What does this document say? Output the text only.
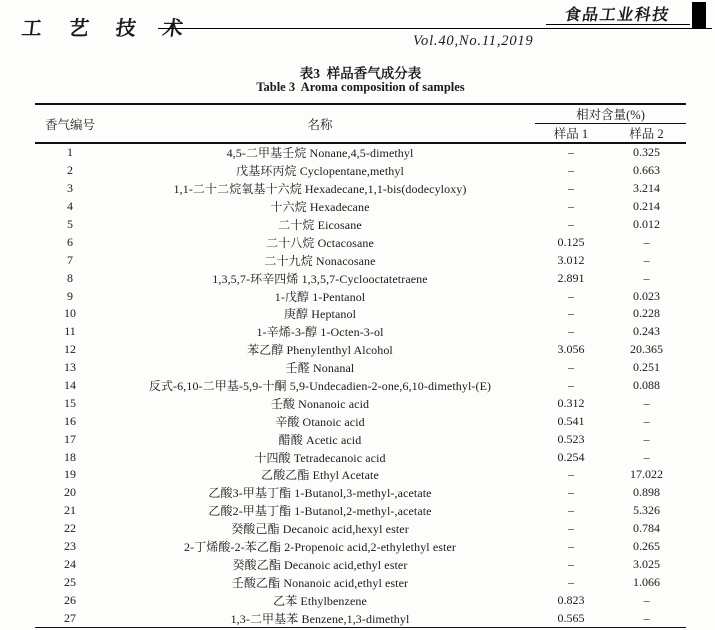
工 艺 技 术
食品工业科技
Vol.40,No.11,2019
表3  样品香气成分表
Table 3  Aroma composition of samples
香气编号	名称	相对含量(%)	
		样品 1	样品 2
1	4,5-二甲基壬烷 Nonane,4,5-dimethyl	–	0.325
2	戊基环丙烷 Cyclopentane,methyl	–	0.663
3	1,1-二十二烷氧基十六烷 Hexadecane,1,1-bis(dodecyloxy)	–	3.214
4	十六烷 Hexadecane	–	0.214
5	二十烷 Eicosane	–	0.012
6	二十八烷 Octacosane	0.125	–
7	二十九烷 Nonacosane	3.012	–
8	1,3,5,7-环辛四烯 1,3,5,7-Cyclooctatetraene	2.891	–
9	1-戊醇 1-Pentanol	–	0.023
10	庚醇 Heptanol	–	0.228
11	1-辛烯-3-醇 1-Octen-3-ol	–	0.243
12	苯乙醇 Phenylenthyl Alcohol	3.056	20.365
13	壬醛 Nonanal	–	0.251
14	反式-6,10-二甲基-5,9-十酮 5,9-Undecadien-2-one,6,10-dimethyl-(E)	–	0.088
15	壬酸 Nonanoic acid	0.312	–
16	辛酸 Otanoic acid	0.541	–
17	醋酸 Acetic acid	0.523	–
18	十四酸 Tetradecanoic acid	0.254	–
19	乙酸乙酯 Ethyl Acetate	–	17.022
20	乙酸3-甲基丁酯 1-Butanol,3-methyl-,acetate	–	0.898
21	乙酸2-甲基丁酯 1-Butanol,2-methyl-,acetate	–	5.326
22	癸酸己酯 Decanoic acid,hexyl ester	–	0.784
23	2-丁烯酸-2-苯乙酯 2-Propenoic acid,2-ethylethyl ester	–	0.265
24	癸酸乙酯 Decanoic acid,ethyl ester	–	3.025
25	壬酸乙酯 Nonanoic acid,ethyl ester	–	1.066
26	乙苯 Ethylbenzene	0.823	–
27	1,3-二甲基苯 Benzene,1,3-dimethyl	0.565	–
